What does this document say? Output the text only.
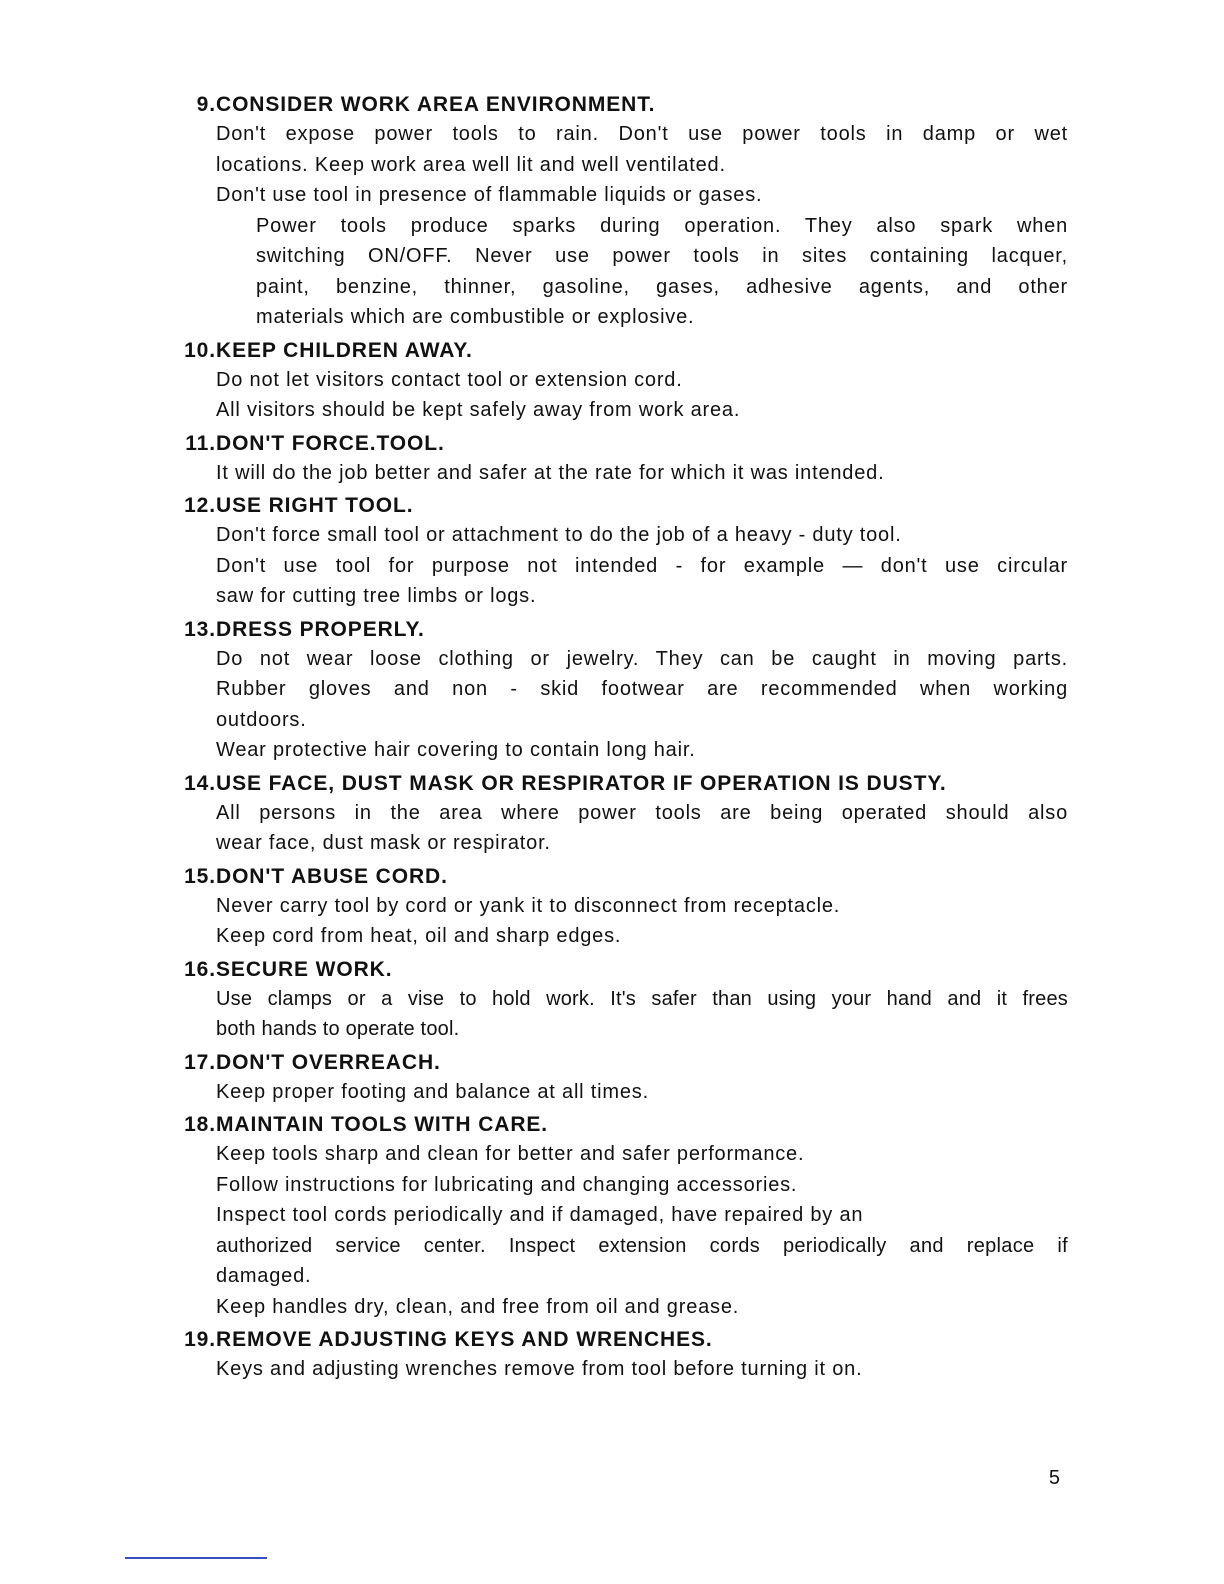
9. CONSIDER WORK AREA ENVIRONMENT.
Don't expose power tools to rain. Don't use power tools in damp or wet
locations. Keep work area well lit and well ventilated.
Don't use tool in presence of flammable liquids or gases.
Power tools produce sparks during operation. They also spark when
switching ON/OFF. Never use power tools in sites containing lacquer,
paint, benzine, thinner, gasoline, gases, adhesive agents, and other
materials which are combustible or explosive.
10. KEEP CHILDREN AWAY.
Do not let visitors contact tool or extension cord.
All visitors should be kept safely away from work area.
11. DON'T FORCE.TOOL.
It will do the job better and safer at the rate for which it was intended.
12. USE RIGHT TOOL.
Don't force small tool or attachment to do the job of a heavy - duty tool.
Don't use tool for purpose not intended - for example — don't use circular
saw for cutting tree limbs or logs.
13. DRESS PROPERLY.
Do not wear loose clothing or jewelry. They can be caught in moving parts.
Rubber gloves and non - skid footwear are recommended when working
outdoors.
Wear protective hair covering to contain long hair.
14. USE FACE, DUST MASK OR RESPIRATOR IF OPERATION IS DUSTY.
All persons in the area where power tools are being operated should also
wear face, dust mask or respirator.
15. DON'T ABUSE CORD.
Never carry tool by cord or yank it to disconnect from receptacle.
Keep cord from heat, oil and sharp edges.
16. SECURE WORK.
Use clamps or a vise to hold work. It's safer than using your hand and it frees
both hands to operate tool.
17. DON'T OVERREACH.
Keep proper footing and balance at all times.
18. MAINTAIN TOOLS WITH CARE.
Keep tools sharp and clean for better and safer performance.
Follow instructions for lubricating and changing accessories.
Inspect tool cords periodically and if damaged, have repaired by an
authorized service center. Inspect extension cords periodically and replace if
damaged.
Keep handles dry, clean, and free from oil and grease.
19. REMOVE ADJUSTING KEYS AND WRENCHES.
Keys and adjusting wrenches remove from tool before turning it on.
5
